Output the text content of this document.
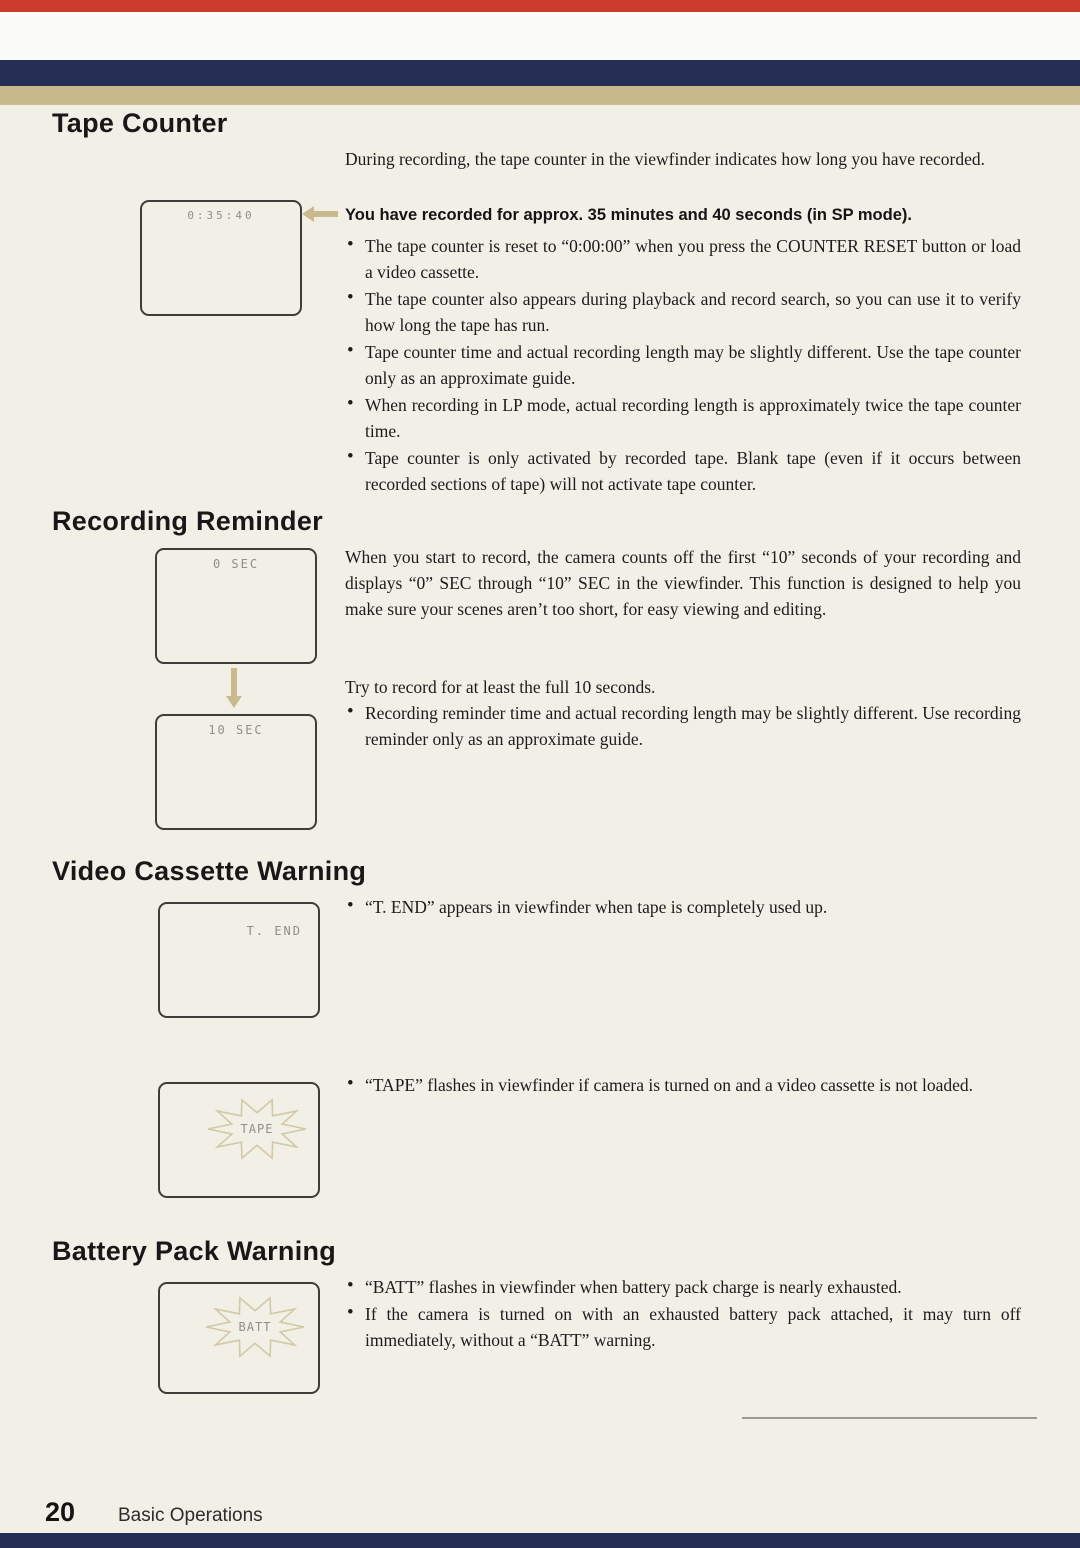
Tape Counter

During recording, the tape counter in the viewfinder indicates how long you have recorded.

0:35:40	You have recorded for approx. 35 minutes and 40 seconds (in SP mode).

• The tape counter is reset to “0:00:00” when you press the COUNTER RESET button or load a video cassette.
• The tape counter also appears during playback and record search, so you can use it to verify how long the tape has run.
• Tape counter time and actual recording length may be slightly different. Use the tape counter only as an approximate guide.
• When recording in LP mode, actual recording length is approximately twice the tape counter time.
• Tape counter is only activated by recorded tape. Blank tape (even if it occurs between recorded sections of tape) will not activate tape counter.
Recording Reminder
0 SEC
10 SEC

When you start to record, the camera counts off the first “10” seconds of your recording and displays “0” SEC through “10” SEC in the viewfinder. This function is designed to help you make sure your scenes aren’t too short, for easy viewing and editing.

Try to record for at least the full 10 seconds.

• Recording reminder time and actual recording length may be slightly different. Use recording reminder only as an approximate guide.
Video Cassette Warning
• “T. END” appears in viewfinder when tape is completely used up.
T. END
• “TAPE” flashes in viewfinder if camera is turned on and a video cassette is not loaded.
TAPE
Battery Pack Warning
• “BATT” flashes in viewfinder when battery pack charge is nearly exhausted.
• If the camera is turned on with an exhausted battery pack attached, it may turn off immediately, without a “BATT” warning.
BATT

20 Basic Operations
